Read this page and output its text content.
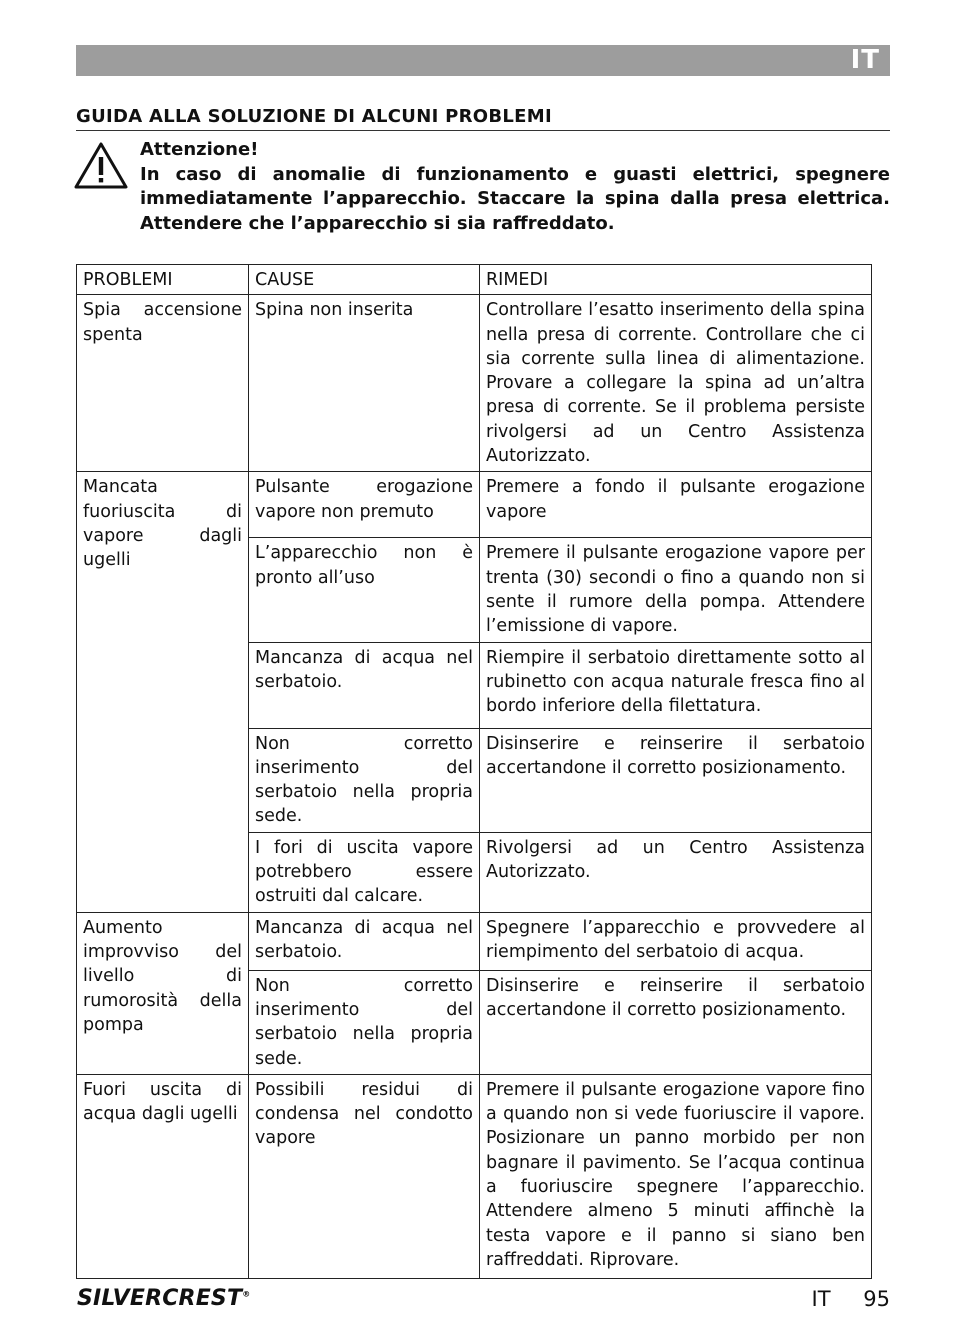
IT
GUIDA ALLA SOLUZIONE DI ALCUNI PROBLEMI

Attenzione!

In caso di anomalie di funzionamento e guasti elettrici, spegnere immediatamente l’apparecchio. Staccare la spina dalla presa elettrica. Attendere che l’apparecchio si sia raffreddato.

PROBLEMI	CAUSE	RIMEDI
Spia accensione spenta	Spina non inserita	Controllare l’esatto inserimento della spina nella presa di corrente. Controllare che ci sia corrente sulla linea di alimentazione. Provare a collegare la spina ad un’altra presa di corrente. Se il problema persiste rivolgersi ad un Centro Assistenza Autorizzato.
Mancata fuoriuscita di vapore dagli ugelli	Pulsante erogazione vapore non premuto	Premere a fondo il pulsante erogazione vapore
	L’apparecchio non è pronto all’uso	Premere il pulsante erogazione vapore per trenta (30) secondi o fino a quando non si sente il rumore della pompa. Attendere l’emissione di vapore.
	Mancanza di acqua nel serbatoio.	Riempire il serbatoio direttamente sotto al rubinetto con acqua naturale fresca fino al bordo inferiore della filettatura.
	Non corretto inserimento del serbatoio nella propria sede.	Disinserire e reinserire il serbatoio accertandone il corretto posizionamento.
	I fori di uscita vapore potrebbero essere ostruiti dal calcare.	Rivolgersi ad un Centro Assistenza Autorizzato.
Aumento improvviso del livello di rumorosità della pompa	Mancanza di acqua nel serbatoio.	Spegnere l’apparecchio e provvedere al riempimento del serbatoio di acqua.
	Non corretto inserimento del serbatoio nella propria sede.	Disinserire e reinserire il serbatoio accertandone il corretto posizionamento.
Fuori uscita di acqua dagli ugelli	Possibili residui di condensa nel condotto vapore	Premere il pulsante erogazione vapore fino a quando non si vede fuoriuscire il vapore. Posizionare un panno morbido per non bagnare il pavimento. Se l’acqua continua a fuoriuscire spegnere l’apparecchio. Attendere almeno 5 minuti affinchè la testa vapore e il panno si siano ben raffreddati. Riprovare.
SILVERCREST®	IT 95
